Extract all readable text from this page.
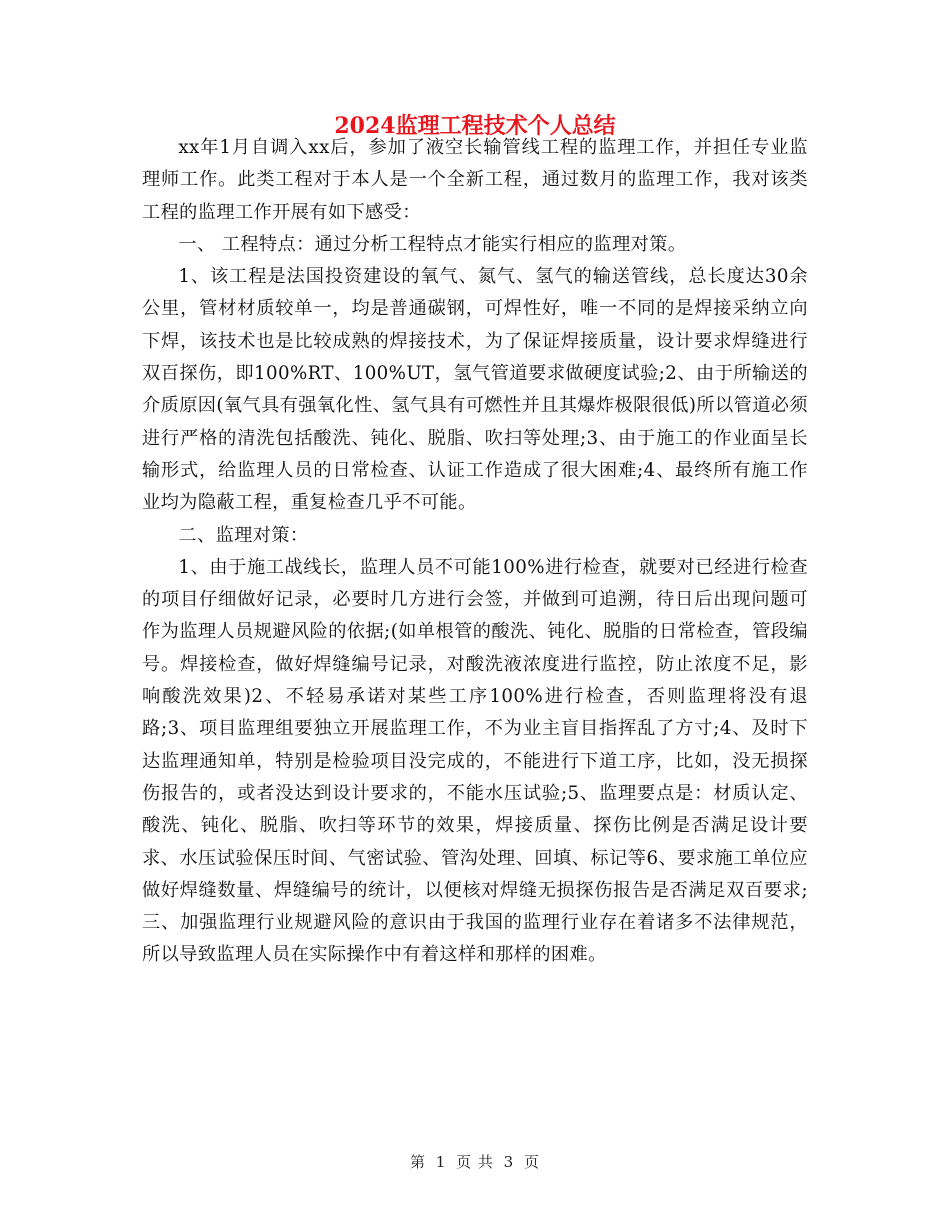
2024监理工程技术个人总结

xx年1月自调入xx后，参加了液空长输管线工程的监理工作，并担任专业监理师工作。此类工程对于本人是一个全新工程，通过数月的监理工作，我对该类工程的监理工作开展有如下感受：

一、 工程特点：通过分析工程特点才能实行相应的监理对策。

1、该工程是法国投资建设的氧气、氮气、氢气的输送管线，总长度达30余公里，管材材质较单一，均是普通碳钢，可焊性好，唯一不同的是焊接采纳立向下焊，该技术也是比较成熟的焊接技术，为了保证焊接质量，设计要求焊缝进行双百探伤，即100%RT、100%UT，氢气管道要求做硬度试验;2、由于所输送的介质原因(氧气具有强氧化性、氢气具有可燃性并且其爆炸极限很低)所以管道必须进行严格的清洗包括酸洗、钝化、脱脂、吹扫等处理;3、由于施工的作业面呈长输形式，给监理人员的日常检查、认证工作造成了很大困难;4、最终所有施工作业均为隐蔽工程，重复检查几乎不可能。

二、监理对策：

1、由于施工战线长，监理人员不可能100%进行检查，就要对已经进行检查的项目仔细做好记录，必要时几方进行会签，并做到可追溯，待日后出现问题可作为监理人员规避风险的依据;(如单根管的酸洗、钝化、脱脂的日常检查，管段编号。焊接检查，做好焊缝编号记录，对酸洗液浓度进行监控，防止浓度不足，影响酸洗效果)2、不轻易承诺对某些工序100%进行检查，否则监理将没有退路;3、项目监理组要独立开展监理工作，不为业主盲目指挥乱了方寸;4、及时下达监理通知单，特别是检验项目没完成的，不能进行下道工序，比如，没无损探伤报告的，或者没达到设计要求的，不能水压试验;5、监理要点是：材质认定、酸洗、钝化、脱脂、吹扫等环节的效果，焊接质量、探伤比例是否满足设计要求、水压试验保压时间、气密试验、管沟处理、回填、标记等6、要求施工单位应做好焊缝数量、焊缝编号的统计，以便核对焊缝无损探伤报告是否满足双百要求;三、加强监理行业规避风险的意识由于我国的监理行业存在着诸多不法律规范，所以导致监理人员在实际操作中有着这样和那样的困难。

第 1 页 共 3 页
